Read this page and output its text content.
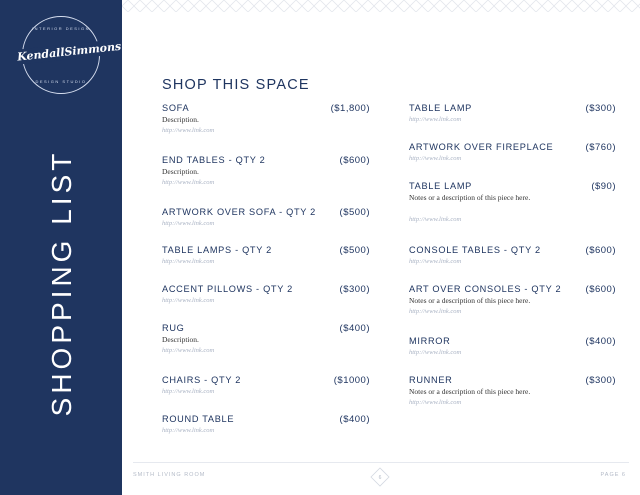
INTERIOR DESIGN
KendallSimmons
DESIGN STUDIO
SHOPPING LIST
SHOP THIS SPACE
SOFA	($1,800)
Description.
http://www.link.com
END TABLES - QTY 2	($600)
Description.
http://www.link.com
ARTWORK OVER SOFA - QTY 2 ($500)
http://www.link.com
TABLE LAMPS - QTY 2	($500)
http://www.link.com
ACCENT PILLOWS - QTY 2	($300)
http://www.link.com
RUG	($400)
Description.
http://www.link.com
CHAIRS - QTY 2	($1000)
http://www.link.com
ROUND TABLE	($400)
http://www.link.com
TABLE LAMP	($300)
http://www.link.com
ARTWORK OVER FIREPLACE	($760)
http://www.link.com
TABLE LAMP	($90)
Notes or a description of this piece here.
http://www.link.com
CONSOLE TABLES - QTY 2	($600)
http://www.link.com
ART OVER CONSOLES - QTY 2	($600)
Notes or a description of this piece here.
http://www.link.com
MIRROR	($400)
http://www.link.com
RUNNER	($300)
Notes or a description of this piece here.
http://www.link.com
SMITH LIVING ROOM	6	PAGE 6
